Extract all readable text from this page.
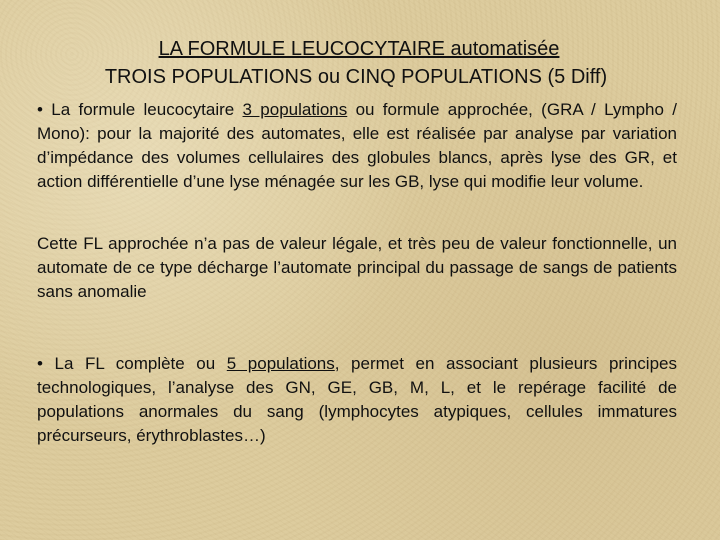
LA FORMULE LEUCOCYTAIRE automatisée
TROIS POPULATIONS ou CINQ POPULATIONS (5 Diff)
• La formule leucocytaire 3 populations ou formule approchée, (GRA / Lympho / Mono): pour la majorité des automates, elle est réalisée par analyse par variation d’impédance des volumes cellulaires des globules blancs, après lyse des GR, et action différentielle d’une lyse ménagée sur les GB, lyse qui modifie leur volume.
Cette FL approchée n’a pas de valeur légale, et très peu de valeur fonctionnelle, un automate de ce type décharge l’automate principal du passage de sangs de patients sans anomalie
• La FL complète ou 5 populations, permet en associant plusieurs principes technologiques, l’analyse des GN, GE, GB, M, L, et le repérage facilité de populations anormales du sang (lymphocytes atypiques, cellules immatures précurseurs, érythroblastes…)
